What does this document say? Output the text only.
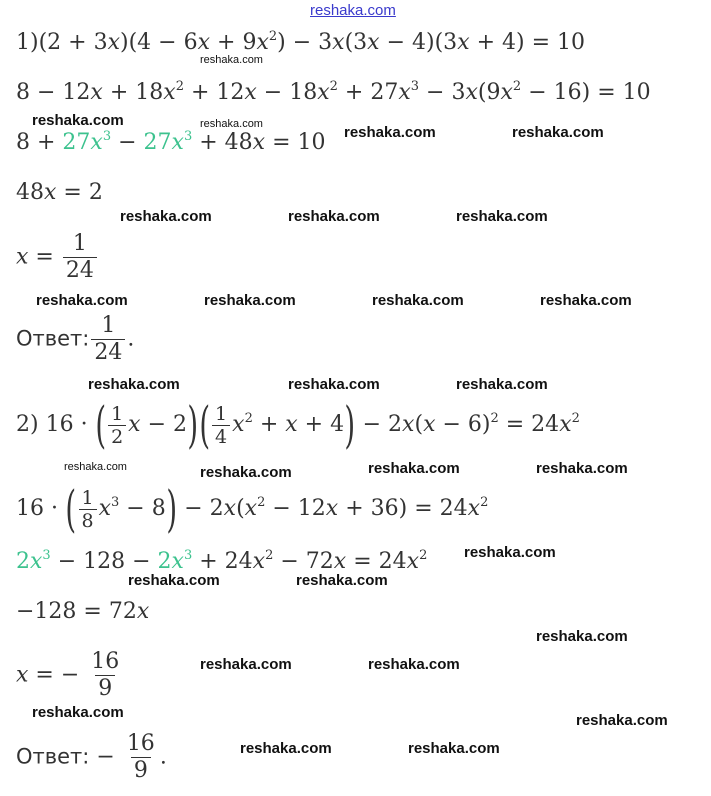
reshaka.com
$1)(2 + 3x)(4 - 6x + 9x^2) - 3x(3x - 4)(3x + 4) = 10$
$8 - 12x + 18x^2 + 12x - 18x^2 + 27x^3 - 3x(9x^2 - 16) = 10$
$8 + 27x^3 - 27x^3 + 48x = 10$
48x = 2
$x = \frac{1}{24}$
Ответ: $\frac{1}{24}$ .
2) 16 · ( $\frac{1}{2}$ $x - 2)( \frac{1}{4} x^2 + x + 4) - 2x(x - 6)^2 = 24x^2$
16 · ( $\frac{1}{8} x^3 - 8) - 2x(x^2 - 12x + 36) = 24x^2$
$2x^3 - 128 - 2x^3 + 24x^2 - 72x = 24x^2$
−128 = 72x
x = − $\frac{16}{9}$
Ответ: − $\frac{16}{9}$ .
reshaka.com
reshaka.com	reshaka.com	reshaka.com	reshaka.com
reshaka.com	reshaka.com	reshaka.com
reshaka.com	reshaka.com	reshaka.com	reshaka.com
reshaka.com	reshaka.com	reshaka.com
reshaka.com	reshaka.com	reshaka.com	reshaka.com
reshaka.com
reshaka.com	reshaka.com
reshaka.com
reshaka.com	reshaka.com
reshaka.com	reshaka.com
reshaka.com	reshaka.com
